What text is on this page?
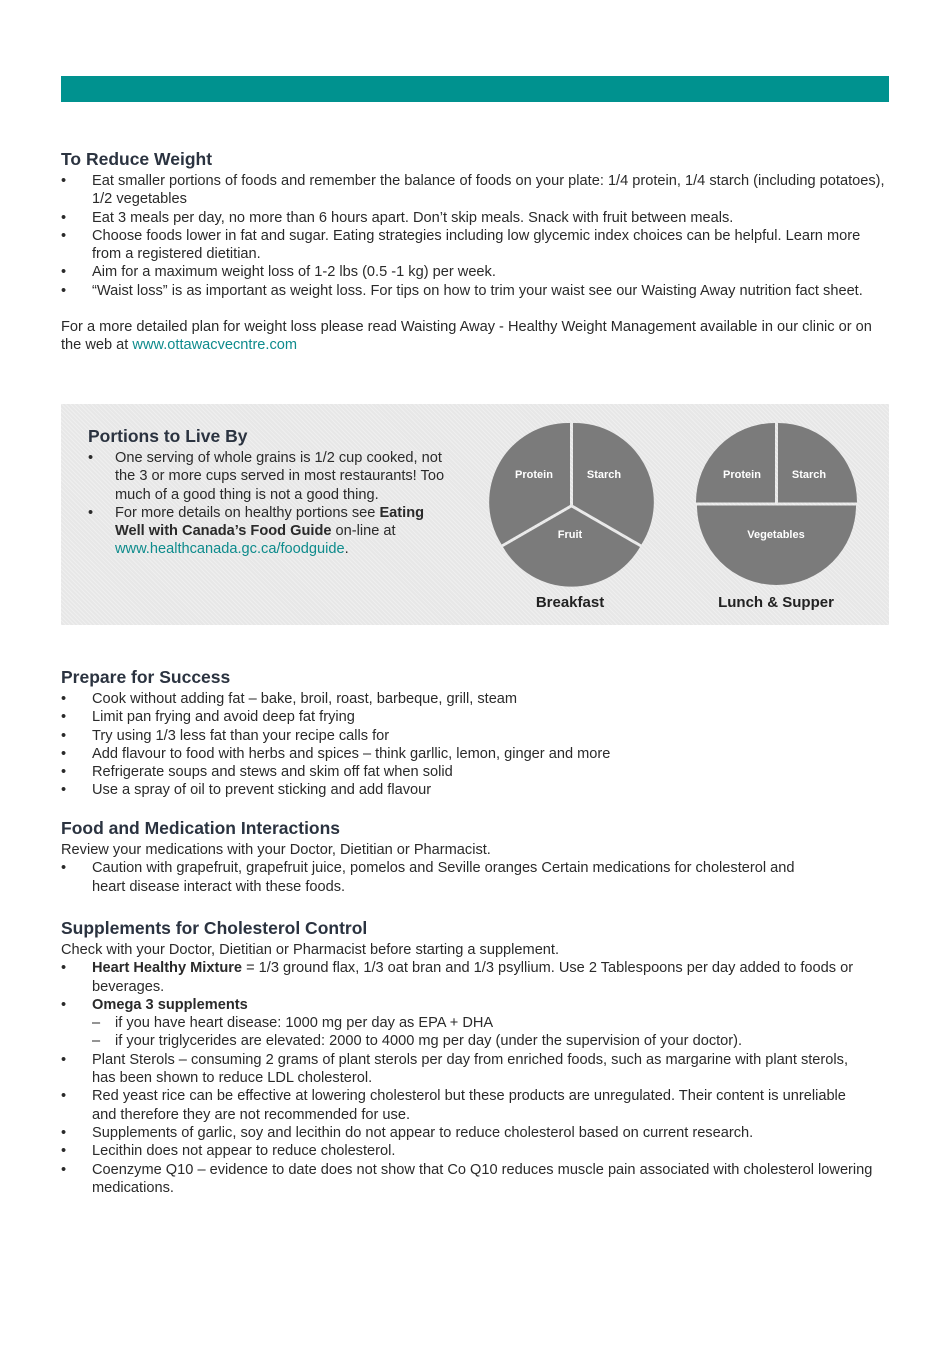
To Reduce Weight
• Eat smaller portions of foods and remember the balance of foods on your plate: 1/4 protein, 1/4 starch (including potatoes), 1/2 vegetables
• Eat 3 meals per day, no more than 6 hours apart. Don’t skip meals. Snack with fruit between meals.
• Choose foods lower in fat and sugar. Eating strategies including low glycemic index choices can be helpful. Learn more from a registered dietitian.
• Aim for a maximum weight loss of 1-2 lbs (0.5 -1 kg) per week.
• “Waist loss” is as important as weight loss. For tips on how to trim your waist see our Waisting Away nutrition fact sheet.

For a more detailed plan for weight loss please read Waisting Away - Healthy Weight Management available in our clinic or on the web at www.ottawacvecntre.com

Portions to Live By
• One serving of whole grains is 1/2 cup cooked, not the 3 or more cups served in most restaurants! Too much of a good thing is not a good thing.
• For more details on healthy portions see Eating Well with Canada’s Food Guide on-line at www.healthcanada.gc.ca/foodguide.
Protein	Starch
Fruit
Breakfast
Protein	Starch
Vegetables
Lunch & Supper
Prepare for Success
• Cook without adding fat – bake, broil, roast, barbeque, grill, steam
• Limit pan frying and avoid deep fat frying
• Try using 1/3 less fat than your recipe calls for
• Add flavour to food with herbs and spices – think garllic, lemon, ginger and more
• Refrigerate soups and stews and skim off fat when solid
• Use a spray of oil to prevent sticking and add flavour
Food and Medication Interactions

Review your medications with your Doctor, Dietitian or Pharmacist.

• Caution with grapefruit, grapefruit juice, pomelos and Seville oranges Certain medications for cholesterol and heart disease interact with these foods.
Supplements for Cholesterol Control

Check with your Doctor, Dietitian or Pharmacist before starting a supplement.

• Heart Healthy Mixture = 1/3 ground flax, 1/3 oat bran and 1/3 psyllium. Use 2 Tablespoons per day added to foods or beverages.
• Omega 3 supplements
– if you have heart disease: 1000 mg per day as EPA + DHA
– if your triglycerides are elevated: 2000 to 4000 mg per day (under the supervision of your doctor).
• Plant Sterols – consuming 2 grams of plant sterols per day from enriched foods, such as margarine with plant sterols, has been shown to reduce LDL cholesterol.
• Red yeast rice can be effective at lowering cholesterol but these products are unregulated. Their content is unreliable and therefore they are not recommended for use.
• Supplements of garlic, soy and lecithin do not appear to reduce cholesterol based on current research.
• Lecithin does not appear to reduce cholesterol.
• Coenzyme Q10 – evidence to date does not show that Co Q10 reduces muscle pain associated with cholesterol lowering medications.
